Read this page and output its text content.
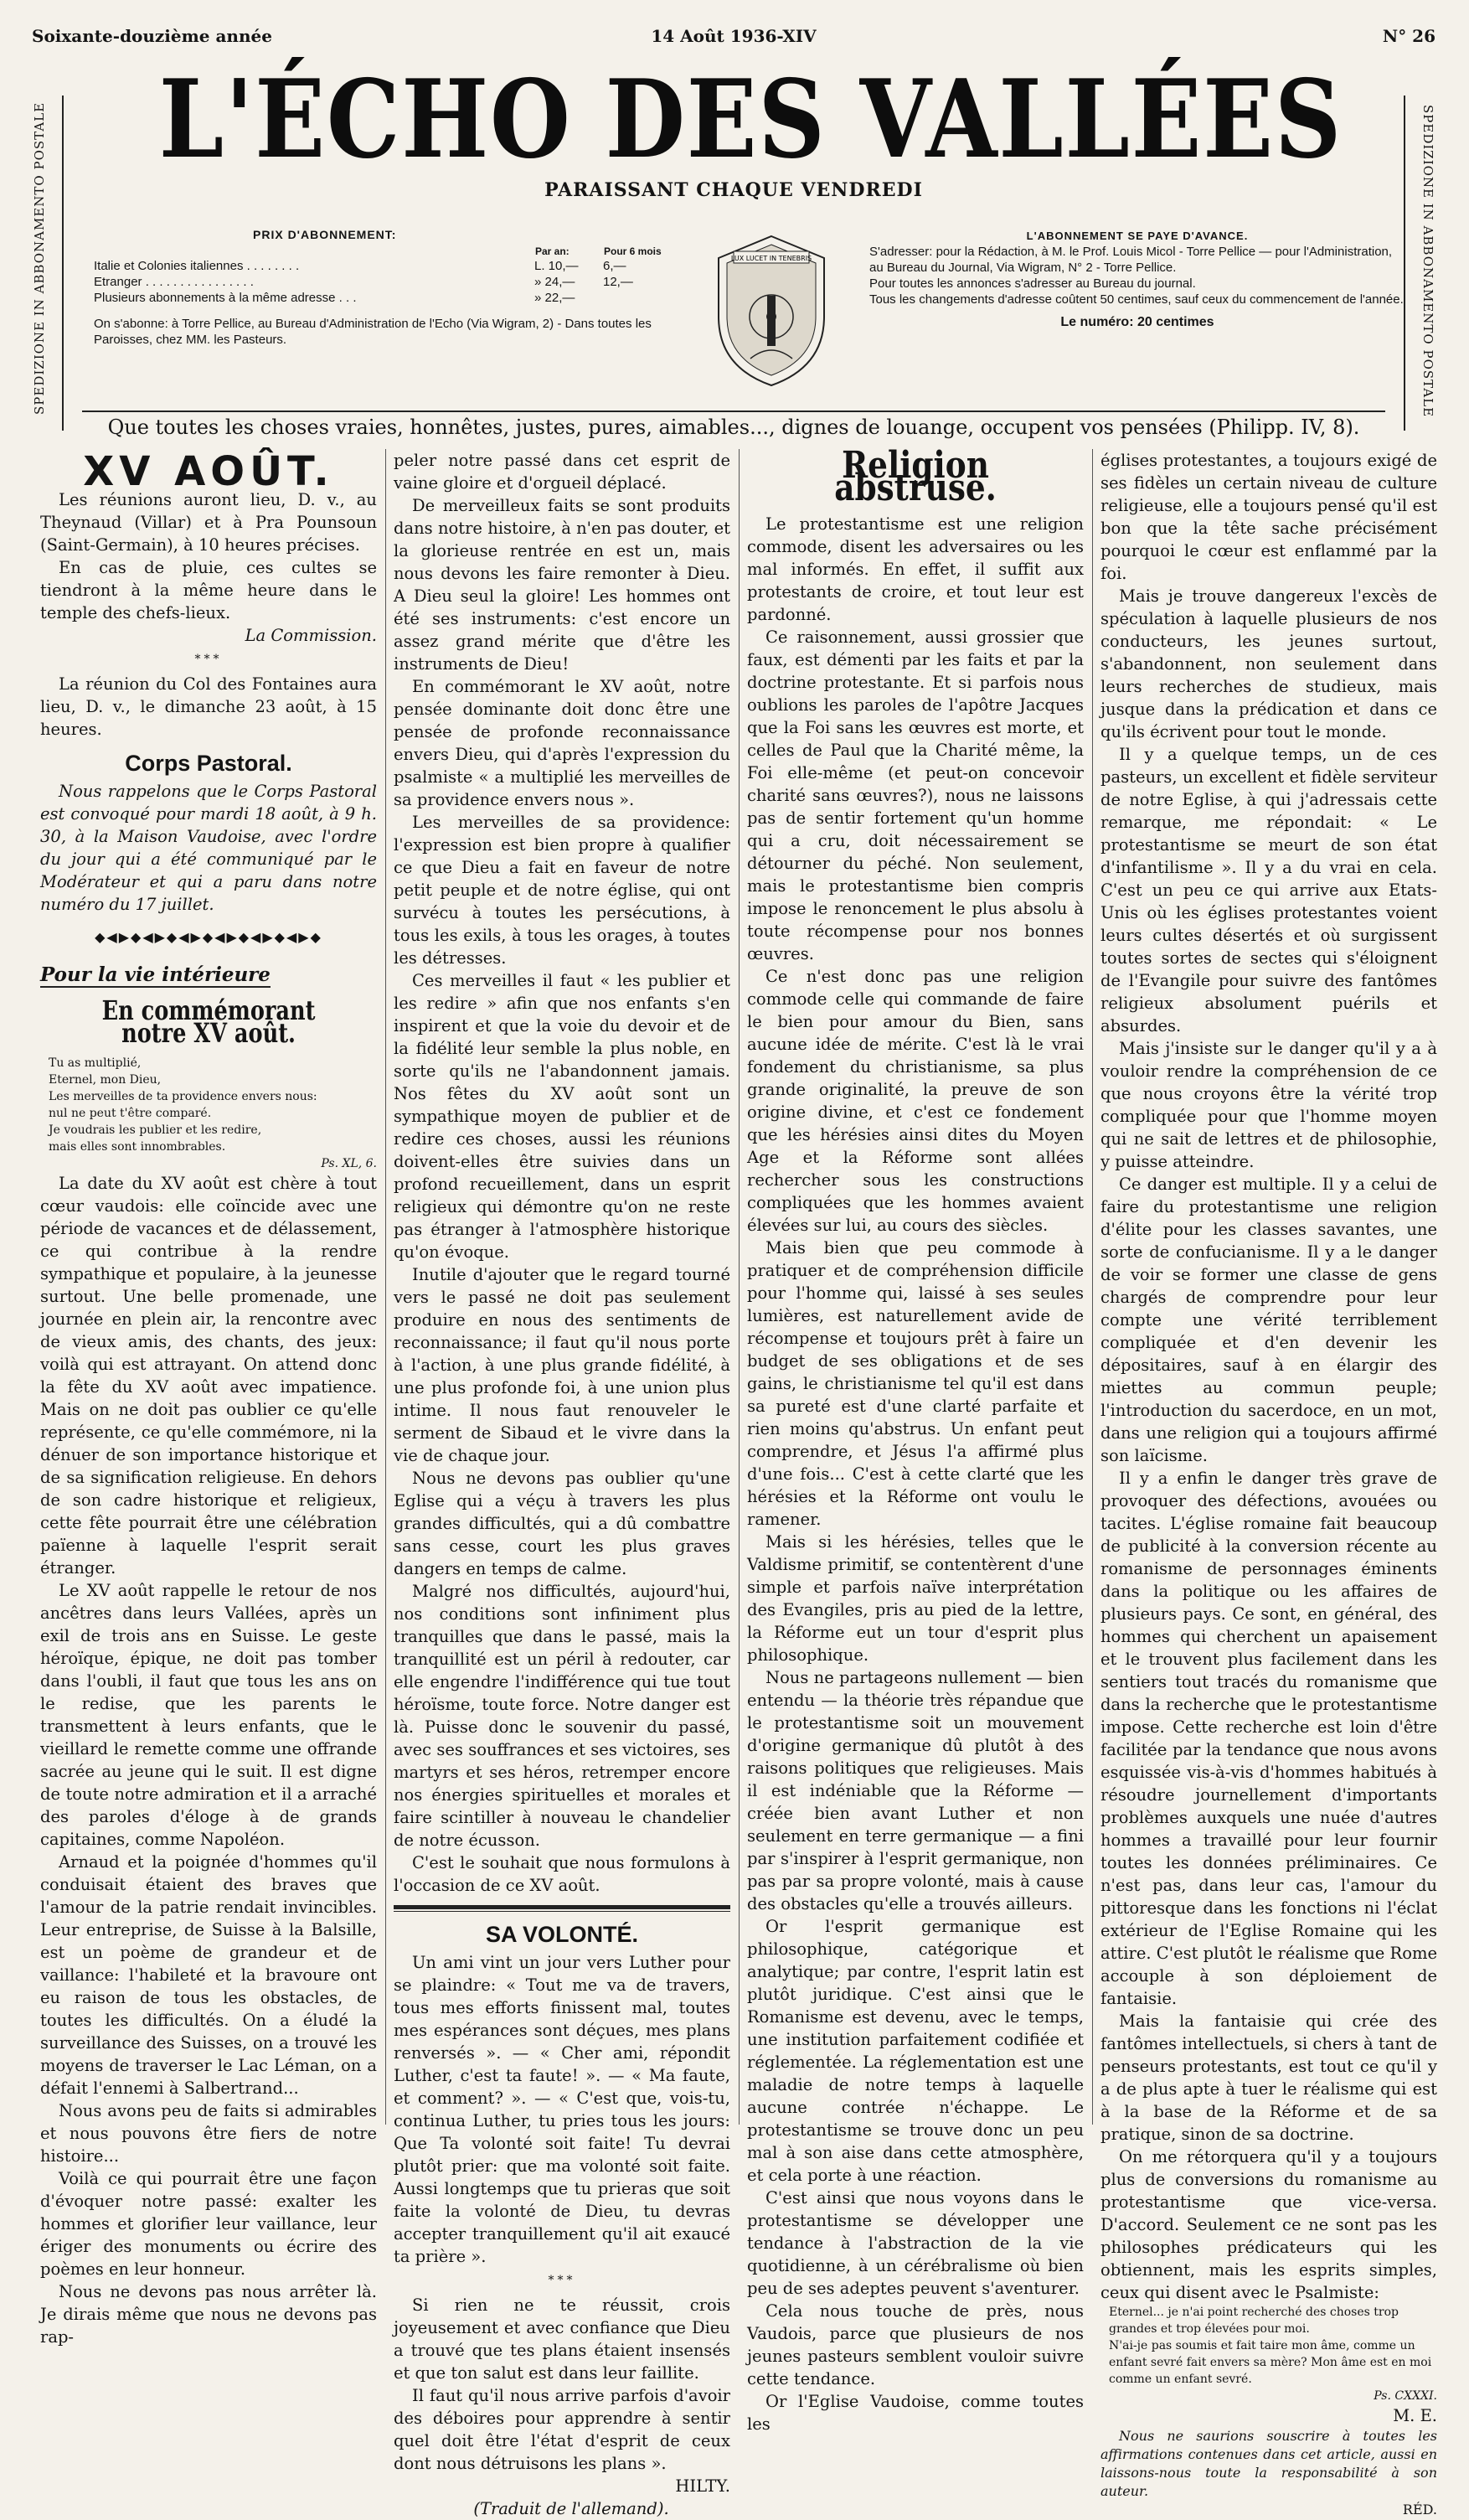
Soixante-douzième année	14 Août 1936-XIV	N° 26
SPEDIZIONE IN ABBONAMENTO POSTALE	SPEDIZIONE IN ABBONAMENTO POSTALE
L'ÉCHO DES VALLÉES
PARAISSANT CHAQUE VENDREDI
PRIX D'ABONNEMENT:
	Par an:	Pour 6 mois
Italie et Colonies italiennes . . . . . . . .	L. 10,—	6,—
Etranger . . . . . . . . . . . . . . . .	» 24,—	12,—
Plusieurs abonnements à la même adresse . . .	» 22,—	
On s'abonne: à Torre Pellice, au Bureau d'Administration de l'Echo (Via Wigram, 2) - Dans toutes les Paroisses, chez MM. les Pasteurs.
LUX LUCET IN TENEBRIS
L'ABONNEMENT SE PAYE D'AVANCE.
S'adresser: pour la Rédaction, à M. le Prof. Louis Micol - Torre Pellice — pour l'Administration, au Bureau du Journal, Via Wigram, N° 2 - Torre Pellice.
Pour toutes les annonces s'adresser au Bureau du journal.
Tous les changements d'adresse coûtent 50 centimes, sauf ceux du commencement de l'année.
Le numéro: 20 centimes
Que toutes les choses vraies, honnêtes, justes, pures, aimables..., dignes de louange, occupent vos pensées (Philipp. IV, 8).
XV AOÛT.

Les réunions auront lieu, D. v., au Theynaud (Villar) et à Pra Pounsoun (Saint-Germain), à 10 heures précises.

En cas de pluie, ces cultes se tiendront à la même heure dans le temple des chefs-lieux.

La Commission.

***

La réunion du Col des Fontaines aura lieu, D. v., le dimanche 23 août, à 15 heures.

Corps Pastoral.

Nous rappelons que le Corps Pastoral est convoqué pour mardi 18 août, à 9 h. 30, à la Maison Vaudoise, avec l'ordre du jour qui a été communiqué par le Modérateur et qui a paru dans notre numéro du 17 juillet.

◆◀▶◆◀▶◆◀▶◆◀▶◆◀▶◆◀▶◆
Pour la vie intérieure
En commémorant notre XV août.

Tu as multiplié,

Eternel, mon Dieu,

Les merveilles de ta providence envers nous:

nul ne peut t'être comparé.

Je voudrais les publier et les redire,

mais elles sont innombrables.

Ps. XL, 6.

La date du XV août est chère à tout cœur vaudois: elle coïncide avec une période de vacances et de délassement, ce qui contribue à la rendre sympathique et populaire, à la jeunesse surtout. Une belle promenade, une journée en plein air, la rencontre avec de vieux amis, des chants, des jeux: voilà qui est attrayant. On attend donc la fête du XV août avec impatience. Mais on ne doit pas oublier ce qu'elle représente, ce qu'elle commémore, ni la dénuer de son importance historique et de sa signification religieuse. En dehors de son cadre historique et religieux, cette fête pourrait être une célébration païenne à laquelle l'esprit serait étranger.

Le XV août rappelle le retour de nos ancêtres dans leurs Vallées, après un exil de trois ans en Suisse. Le geste héroïque, épique, ne doit pas tomber dans l'oubli, il faut que tous les ans on le redise, que les parents le transmettent à leurs enfants, que le vieillard le remette comme une offrande sacrée au jeune qui le suit. Il est digne de toute notre admiration et il a arraché des paroles d'éloge à de grands capitaines, comme Napoléon.

Arnaud et la poignée d'hommes qu'il conduisait étaient des braves que l'amour de la patrie rendait invincibles. Leur entreprise, de Suisse à la Balsille, est un poème de grandeur et de vaillance: l'habileté et la bravoure ont eu raison de tous les obstacles, de toutes les difficultés. On a éludé la surveillance des Suisses, on a trouvé les moyens de traverser le Lac Léman, on a défait l'ennemi à Salbertrand...

Nous avons peu de faits si admirables et nous pouvons être fiers de notre histoire...

Voilà ce qui pourrait être une façon d'évoquer notre passé: exalter les hommes et glorifier leur vaillance, leur ériger des monuments ou écrire des poèmes en leur honneur.

Nous ne devons pas nous arrêter là. Je dirais même que nous ne devons pas rap-

peler notre passé dans cet esprit de vaine gloire et d'orgueil déplacé.

De merveilleux faits se sont produits dans notre histoire, à n'en pas douter, et la glorieuse rentrée en est un, mais nous devons les faire remonter à Dieu. A Dieu seul la gloire! Les hommes ont été ses instruments: c'est encore un assez grand mérite que d'être les instruments de Dieu!

En commémorant le XV août, notre pensée dominante doit donc être une pensée de profonde reconnaissance envers Dieu, qui d'après l'expression du psalmiste « a multiplié les merveilles de sa providence envers nous ».

Les merveilles de sa providence: l'expression est bien propre à qualifier ce que Dieu a fait en faveur de notre petit peuple et de notre église, qui ont survécu à toutes les persécutions, à tous les exils, à tous les orages, à toutes les détresses.

Ces merveilles il faut « les publier et les redire » afin que nos enfants s'en inspirent et que la voie du devoir et de la fidélité leur semble la plus noble, en sorte qu'ils ne l'abandonnent jamais. Nos fêtes du XV août sont un sympathique moyen de publier et de redire ces choses, aussi les réunions doivent-elles être suivies dans un profond recueillement, dans un esprit religieux qui démontre qu'on ne reste pas étranger à l'atmosphère historique qu'on évoque.

Inutile d'ajouter que le regard tourné vers le passé ne doit pas seulement produire en nous des sentiments de reconnaissance; il faut qu'il nous porte à l'action, à une plus grande fidélité, à une plus profonde foi, à une union plus intime. Il nous faut renouveler le serment de Sibaud et le vivre dans la vie de chaque jour.

Nous ne devons pas oublier qu'une Eglise qui a véçu à travers les plus grandes difficultés, qui a dû combattre sans cesse, court les plus graves dangers en temps de calme.

Malgré nos difficultés, aujourd'hui, nos conditions sont infiniment plus tranquilles que dans le passé, mais la tranquillité est un péril à redouter, car elle engendre l'indifférence qui tue tout héroïsme, toute force. Notre danger est là. Puisse donc le souvenir du passé, avec ses souffrances et ses victoires, ses martyrs et ses héros, retremper encore nos énergies spirituelles et morales et faire scintiller à nouveau le chandelier de notre écusson.

C'est le souhait que nous formulons à l'occasion de ce XV août.

SA VOLONTÉ.

Un ami vint un jour vers Luther pour se plaindre: « Tout me va de travers, tous mes efforts finissent mal, toutes mes espérances sont déçues, mes plans renversés ». — « Cher ami, répondit Luther, c'est ta faute! ». — « Ma faute, et comment? ». — « C'est que, vois-tu, continua Luther, tu pries tous les jours: Que Ta volonté soit faite! Tu devrai plutôt prier: que ma volonté soit faite. Aussi longtemps que tu prieras que soit faite la volonté de Dieu, tu devras accepter tranquillement qu'il ait exaucé ta prière ».

***

Si rien ne te réussit, crois joyeusement et avec confiance que Dieu a trouvé que tes plans étaient insensés et que ton salut est dans leur faillite.

Il faut qu'il nous arrive parfois d'avoir des déboires pour apprendre à sentir quel doit être l'état d'esprit de ceux dont nous détruisons les plans ».

HILTY.

(Traduit de l'allemand).

Religion abstruse.

Le protestantisme est une religion commode, disent les adversaires ou les mal informés. En effet, il suffit aux protestants de croire, et tout leur est pardonné.

Ce raisonnement, aussi grossier que faux, est démenti par les faits et par la doctrine protestante. Et si parfois nous oublions les paroles de l'apôtre Jacques que la Foi sans les œuvres est morte, et celles de Paul que la Charité même, la Foi elle-même (et peut-on concevoir charité sans œuvres?), nous ne laissons pas de sentir fortement qu'un homme qui a cru, doit nécessairement se détourner du péché. Non seulement, mais le protestantisme bien compris impose le renoncement le plus absolu à toute récompense pour nos bonnes œuvres.

Ce n'est donc pas une religion commode celle qui commande de faire le bien pour amour du Bien, sans aucune idée de mérite. C'est là le vrai fondement du christianisme, sa plus grande originalité, la preuve de son origine divine, et c'est ce fondement que les hérésies ainsi dites du Moyen Age et la Réforme sont allées rechercher sous les constructions compliquées que les hommes avaient élevées sur lui, au cours des siècles.

Mais bien que peu commode à pratiquer et de compréhension difficile pour l'homme qui, laissé à ses seules lumières, est naturellement avide de récompense et toujours prêt à faire un budget de ses obligations et de ses gains, le christianisme tel qu'il est dans sa pureté est d'une clarté parfaite et rien moins qu'abstrus. Un enfant peut comprendre, et Jésus l'a affirmé plus d'une fois... C'est à cette clarté que les hérésies et la Réforme ont voulu le ramener.

Mais si les hérésies, telles que le Valdisme primitif, se contentèrent d'une simple et parfois naïve interprétation des Evangiles, pris au pied de la lettre, la Réforme eut un tour d'esprit plus philosophique.

Nous ne partageons nullement — bien entendu — la théorie très répandue que le protestantisme soit un mouvement d'origine germanique dû plutôt à des raisons politiques que religieuses. Mais il est indéniable que la Réforme — créée bien avant Luther et non seulement en terre germanique — a fini par s'inspirer à l'esprit germanique, non pas par sa propre volonté, mais à cause des obstacles qu'elle a trouvés ailleurs.

Or l'esprit germanique est philosophique, catégorique et analytique; par contre, l'esprit latin est plutôt juridique. C'est ainsi que le Romanisme est devenu, avec le temps, une institution parfaitement codifiée et réglementée. La réglementation est une maladie de notre temps à laquelle aucune contrée n'échappe. Le protestantisme se trouve donc un peu mal à son aise dans cette atmosphère, et cela porte à une réaction.

C'est ainsi que nous voyons dans le protestantisme se développer une tendance à l'abstraction de la vie quotidienne, à un cérébralisme où bien peu de ses adeptes peuvent s'aventurer.

Cela nous touche de près, nous Vaudois, parce que plusieurs de nos jeunes pasteurs semblent vouloir suivre cette tendance.

Or l'Eglise Vaudoise, comme toutes les

églises protestantes, a toujours exigé de ses fidèles un certain niveau de culture religieuse, elle a toujours pensé qu'il est bon que la tête sache précisément pourquoi le cœur est enflammé par la foi.

Mais je trouve dangereux l'excès de spéculation à laquelle plusieurs de nos conducteurs, les jeunes surtout, s'abandonnent, non seulement dans leurs recherches de studieux, mais jusque dans la prédication et dans ce qu'ils écrivent pour tout le monde.

Il y a quelque temps, un de ces pasteurs, un excellent et fidèle serviteur de notre Eglise, à qui j'adressais cette remarque, me répondait: « Le protestantisme se meurt de son état d'infantilisme ». Il y a du vrai en cela. C'est un peu ce qui arrive aux Etats-Unis où les églises protestantes voient leurs cultes désertés et où surgissent toutes sortes de sectes qui s'éloignent de l'Evangile pour suivre des fantômes religieux absolument puérils et absurdes.

Mais j'insiste sur le danger qu'il y a à vouloir rendre la compréhension de ce que nous croyons être la vérité trop compliquée pour que l'homme moyen qui ne sait de lettres et de philosophie, y puisse atteindre.

Ce danger est multiple. Il y a celui de faire du protestantisme une religion d'élite pour les classes savantes, une sorte de confucianisme. Il y a le danger de voir se former une classe de gens chargés de comprendre pour leur compte une vérité terriblement compliquée et d'en devenir les dépositaires, sauf à en élargir des miettes au commun peuple; l'introduction du sacerdoce, en un mot, dans une religion qui a toujours affirmé son laïcisme.

Il y a enfin le danger très grave de provoquer des défections, avouées ou tacites. L'église romaine fait beaucoup de publicité à la conversion récente au romanisme de personnages éminents dans la politique ou les affaires de plusieurs pays. Ce sont, en général, des hommes qui cherchent un apaisement et le trouvent plus facilement dans les sentiers tout tracés du romanisme que dans la recherche que le protestantisme impose. Cette recherche est loin d'être facilitée par la tendance que nous avons esquissée vis-à-vis d'hommes habitués à résoudre journellement d'importants problèmes auxquels une nuée d'autres hommes a travaillé pour leur fournir toutes les données préliminaires. Ce n'est pas, dans leur cas, l'amour du pittoresque dans les fonctions ni l'éclat extérieur de l'Eglise Romaine qui les attire. C'est plutôt le réalisme que Rome accouple à son déploiement de fantaisie.

Mais la fantaisie qui crée des fantômes intellectuels, si chers à tant de penseurs protestants, est tout ce qu'il y a de plus apte à tuer le réalisme qui est à la base de la Réforme et de sa pratique, sinon de sa doctrine.

On me rétorquera qu'il y a toujours plus de conversions du romanisme au protestantisme que vice-versa. D'accord. Seulement ce ne sont pas les philosophes prédicateurs qui les obtiennent, mais les esprits simples, ceux qui disent avec le Psalmiste:

Eternel... je n'ai point recherché des choses trop grandes et trop élevées pour moi.

N'ai-je pas soumis et fait taire mon âme, comme un enfant sevré fait envers sa mère? Mon âme est en moi comme un enfant sevré.

Ps. CXXXI.

M. E.

Nous ne saurions souscrire à toutes les affirmations contenues dans cet article, aussi en laissons-nous toute la responsabilité à son auteur.

RÉD.
